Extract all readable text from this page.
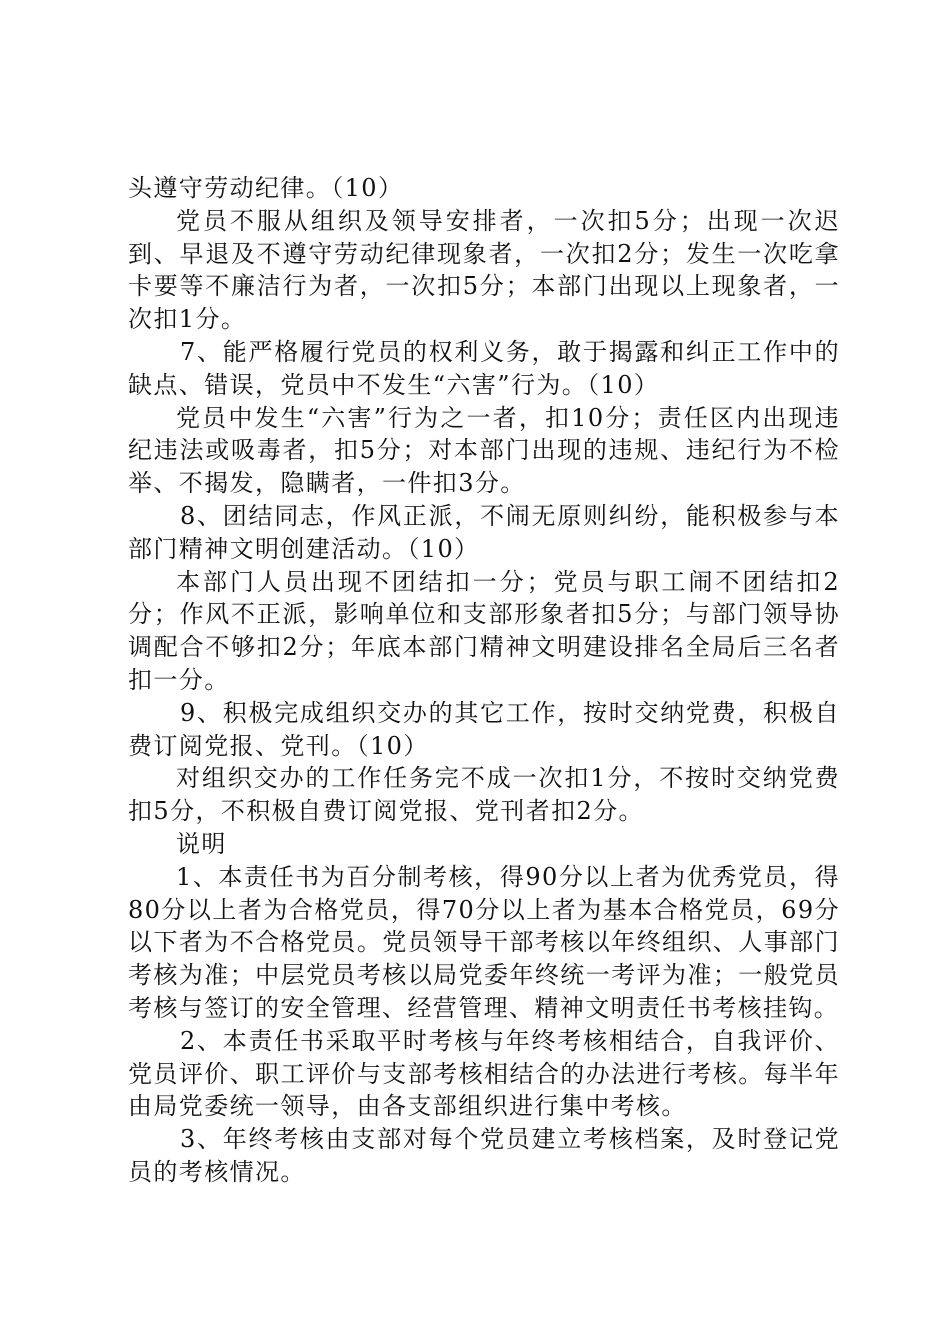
头遵守劳动纪律。（10）

党员不服从组织及领导安排者，一次扣5分；出现一次迟到、早退及不遵守劳动纪律现象者，一次扣2分；发生一次吃拿卡要等不廉洁行为者，一次扣5分；本部门出现以上现象者，一次扣1分。

7、能严格履行党员的权利义务，敢于揭露和纠正工作中的缺点、错误，党员中不发生“六害”行为。（10）

党员中发生“六害”行为之一者，扣10分；责任区内出现违纪违法或吸毒者，扣5分；对本部门出现的违规、违纪行为不检举、不揭发，隐瞒者，一件扣3分。

8、团结同志，作风正派，不闹无原则纠纷，能积极参与本部门精神文明创建活动。（10）

本部门人员出现不团结扣一分；党员与职工闹不团结扣2分；作风不正派，影响单位和支部形象者扣5分；与部门领导协调配合不够扣2分；年底本部门精神文明建设排名全局后三名者扣一分。

9、积极完成组织交办的其它工作，按时交纳党费，积极自费订阅党报、党刊。（10）

对组织交办的工作任务完不成一次扣1分，不按时交纳党费扣5分，不积极自费订阅党报、党刊者扣2分。

说明

1、本责任书为百分制考核，得90分以上者为优秀党员，得80分以上者为合格党员，得70分以上者为基本合格党员，69分以下者为不合格党员。党员领导干部考核以年终组织、人事部门考核为准；中层党员考核以局党委年终统一考评为准；一般党员考核与签订的安全管理、经营管理、精神文明责任书考核挂钩。

2、本责任书采取平时考核与年终考核相结合，自我评价、党员评价、职工评价与支部考核相结合的办法进行考核。每半年由局党委统一领导，由各支部组织进行集中考核。

3、年终考核由支部对每个党员建立考核档案，及时登记党员的考核情况。
